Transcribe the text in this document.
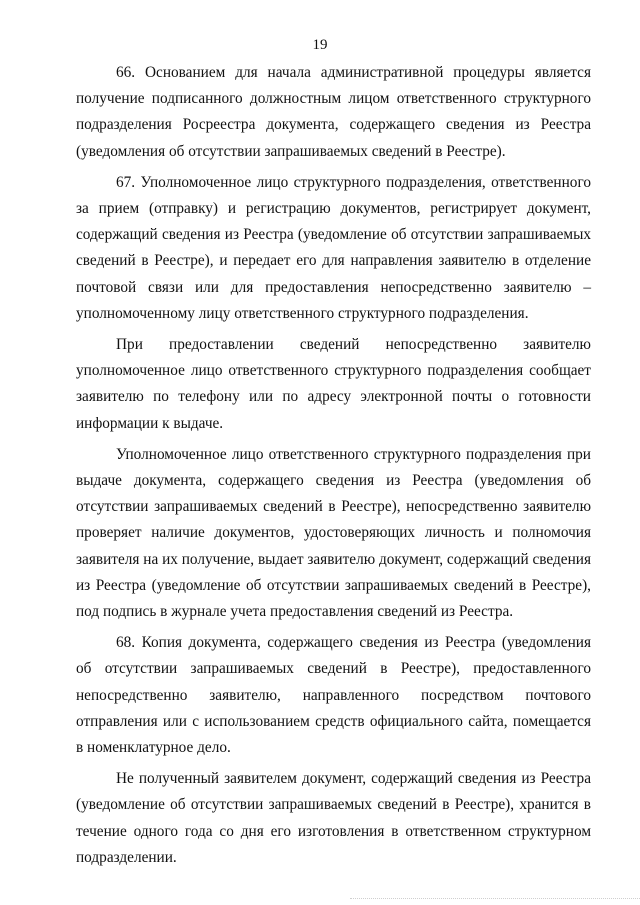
19

66. Основанием для начала административной процедуры является получение подписанного должностным лицом ответственного структурного подразделения Росреестра документа, содержащего сведения из Реестра (уведомления об отсутствии запрашиваемых сведений в Реестре).

67. Уполномоченное лицо структурного подразделения, ответственного за прием (отправку) и регистрацию документов, регистрирует документ, содержащий сведения из Реестра (уведомление об отсутствии запрашиваемых сведений в Реестре), и передает его для направления заявителю в отделение почтовой связи или для предоставления непосредственно заявителю – уполномоченному лицу ответственного структурного подразделения.

При предоставлении сведений непосредственно заявителю уполномоченное лицо ответственного структурного подразделения сообщает заявителю по телефону или по адресу электронной почты о готовности информации к выдаче.

Уполномоченное лицо ответственного структурного подразделения при выдаче документа, содержащего сведения из Реестра (уведомления об отсутствии запрашиваемых сведений в Реестре), непосредственно заявителю проверяет наличие документов, удостоверяющих личность и полномочия заявителя на их получение, выдает заявителю документ, содержащий сведения из Реестра (уведомление об отсутствии запрашиваемых сведений в Реестре), под подпись в журнале учета предоставления сведений из Реестра.

68. Копия документа, содержащего сведения из Реестра (уведомления об отсутствии запрашиваемых сведений в Реестре), предоставленного непосредственно заявителю, направленного посредством почтового отправления или с использованием средств официального сайта, помещается в номенклатурное дело.

Не полученный заявителем документ, содержащий сведения из Реестра (уведомление об отсутствии запрашиваемых сведений в Реестре), хранится в течение одного года со дня его изготовления в ответственном структурном подразделении.
